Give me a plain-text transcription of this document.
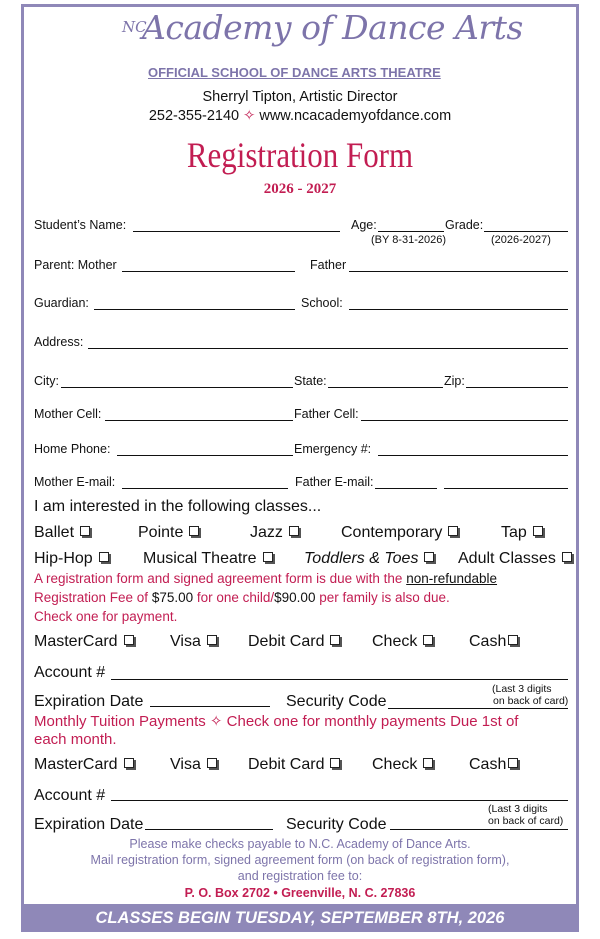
NC
Academy of Dance Arts
OFFICIAL SCHOOL OF DANCE ARTS THEATRE
Sherryl Tipton, Artistic Director
252-355-2140 ✧ www.ncacademyofdance.com
Registration Form
2026 - 2027
Student’s Name:	Age:	Grade:
(BY 8-31-2026)	(2026-2027)
Parent: Mother	Father
Guardian:	School:
Address:
City:	State:	Zip:
Mother Cell:	Father Cell:
Home Phone:	Emergency #:
Mother E-mail:	Father E-mail:
I am interested in the following classes...
Ballet	Pointe	Jazz	Contemporary	Tap
Hip-Hop	Musical Theatre	Toddlers & Toes	Adult Classes
A registration form and signed agreement form is due with the non-refundable
Registration Fee of $75.00 for one child/$90.00 per family is also due.
Check one for payment.
MasterCard	Visa	Debit Card	Check	Cash
Account #
(Last 3 digits
on back of card)
Expiration Date	Security Code
Monthly Tuition Payments ✧ Check one for monthly payments Due 1st of
each month.
MasterCard	Visa	Debit Card	Check	Cash
Account #
(Last 3 digits
on back of card)
Expiration Date	Security Code
Please make checks payable to N.C. Academy of Dance Arts.
Mail registration form, signed agreement form (on back of registration form),
and registration fee to:
P. O. Box 2702 • Greenville, N. C. 27836
CLASSES BEGIN TUESDAY, SEPTEMBER 8TH, 2026
